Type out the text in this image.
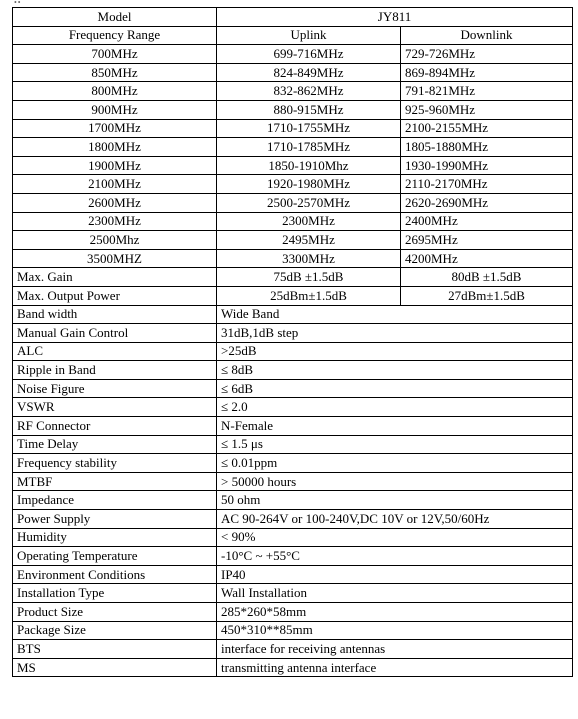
••
Model	JY811	
Frequency Range	Uplink	Downlink
700MHz	699-716MHz	729-726MHz
850MHz	824-849MHz	869-894MHz
800MHz	832-862MHz	791-821MHz
900MHz	880-915MHz	925-960MHz
1700MHz	1710-1755MHz	2100-2155MHz
1800MHz	1710-1785MHz	1805-1880MHz
1900MHz	1850-1910Mhz	1930-1990MHz
2100MHz	1920-1980MHz	2110-2170MHz
2600MHz	2500-2570MHz	2620-2690MHz
2300MHz	2300MHz	2400MHz
2500Mhz	2495MHz	2695MHz
3500MHZ	3300MHz	4200MHz
Max. Gain	75dB ±1.5dB	80dB ±1.5dB
Max. Output Power	25dBm±1.5dB	27dBm±1.5dB
Band width	Wide Band	
Manual Gain Control	31dB,1dB step	
ALC	>25dB	
Ripple in Band	≤ 8dB	
Noise Figure	≤ 6dB	
VSWR	≤ 2.0	
RF Connector	N-Female	
Time Delay	≤ 1.5 μs	
Frequency stability	≤ 0.01ppm	
MTBF	> 50000 hours	
Impedance	50 ohm	
Power Supply	AC 90-264V or 100-240V,DC 10V or 12V,50/60Hz	
Humidity	< 90%	
Operating Temperature	-10°C ~ +55°C	
Environment Conditions	IP40	
Installation Type	Wall Installation	
Product Size	285*260*58mm	
Package Size	450*310**85mm	
BTS	interface for receiving antennas	
MS	transmitting antenna interface	
